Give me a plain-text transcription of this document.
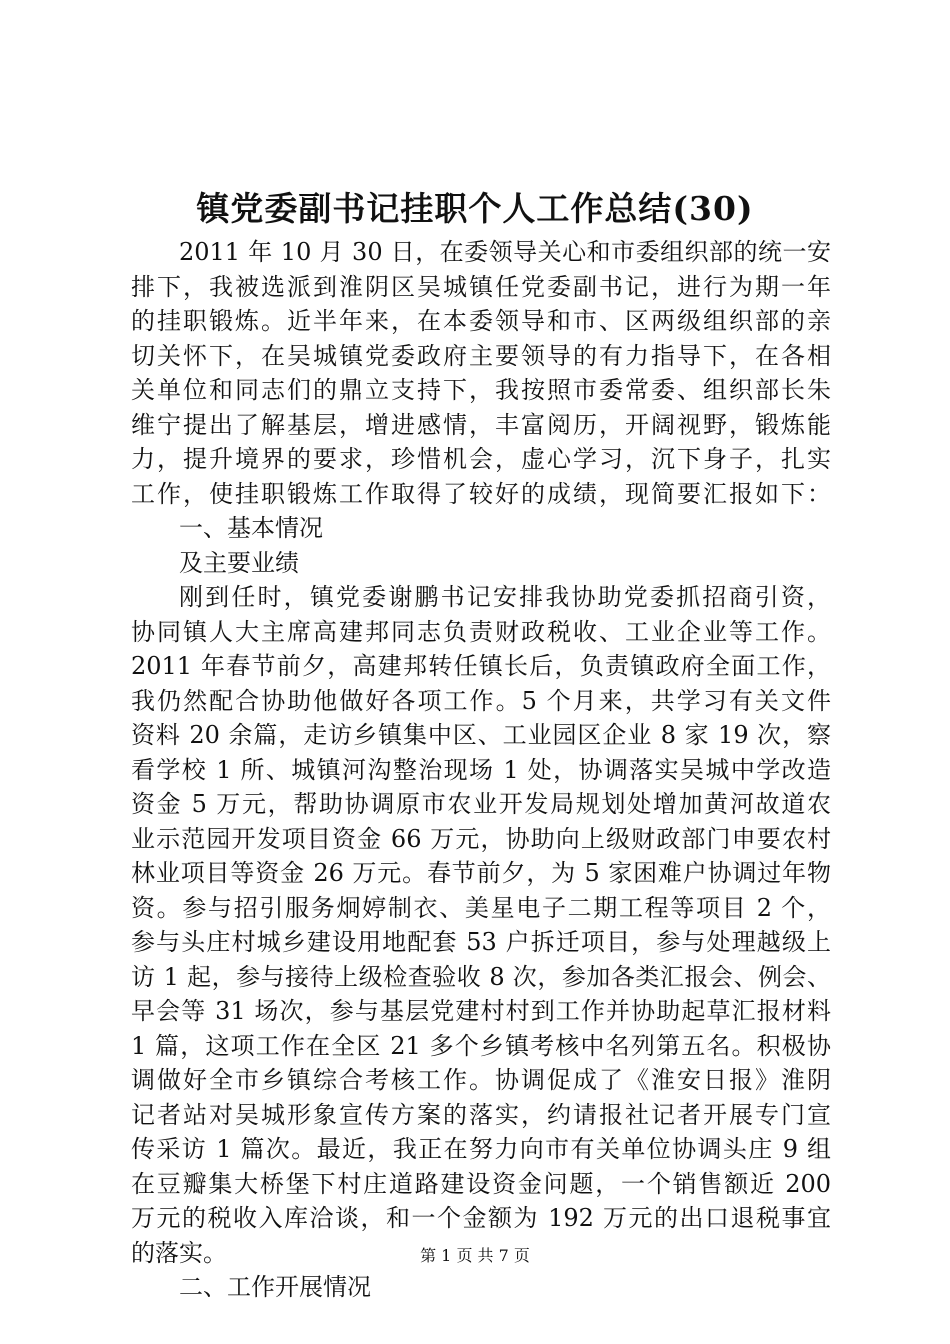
镇党委副书记挂职个人工作总结(30)
2011 年 10 月 30 日，在委领导关心和市委组织部的统一安
排下，我被选派到淮阴区吴城镇任党委副书记，进行为期一年
的挂职锻炼。近半年来，在本委领导和市、区两级组织部的亲
切关怀下，在吴城镇党委政府主要领导的有力指导下，在各相
关单位和同志们的鼎立支持下，我按照市委常委、组织部长朱
维宁提出了解基层，增进感情，丰富阅历，开阔视野，锻炼能
力，提升境界的要求，珍惜机会，虚心学习，沉下身子，扎实
工作，使挂职锻炼工作取得了较好的成绩，现简要汇报如下：
一、基本情况
及主要业绩
刚到任时，镇党委谢鹏书记安排我协助党委抓招商引资，
协同镇人大主席高建邦同志负责财政税收、工业企业等工作。
2011 年春节前夕，高建邦转任镇长后，负责镇政府全面工作，
我仍然配合协助他做好各项工作。5 个月来，共学习有关文件
资料 20 余篇，走访乡镇集中区、工业园区企业 8 家 19 次，察
看学校 1 所、城镇河沟整治现场 1 处，协调落实吴城中学改造
资金 5 万元，帮助协调原市农业开发局规划处增加黄河故道农
业示范园开发项目资金 66 万元，协助向上级财政部门申要农村
林业项目等资金 26 万元。春节前夕，为 5 家困难户协调过年物
资。参与招引服务炯婷制衣、美星电子二期工程等项目 2 个，
参与头庄村城乡建设用地配套 53 户拆迁项目，参与处理越级上
访 1 起，参与接待上级检查验收 8 次，参加各类汇报会、例会、
早会等 31 场次，参与基层党建村村到工作并协助起草汇报材料
1 篇，这项工作在全区 21 多个乡镇考核中名列第五名。积极协
调做好全市乡镇综合考核工作。协调促成了《淮安日报》淮阴
记者站对吴城形象宣传方案的落实，约请报社记者开展专门宣
传采访 1 篇次。最近，我正在努力向市有关单位协调头庄 9 组
在豆瓣集大桥堡下村庄道路建设资金问题，一个销售额近 200
万元的税收入库洽谈，和一个金额为 192 万元的出口退税事宜
的落实。
二、工作开展情况
第 1 页 共 7 页
